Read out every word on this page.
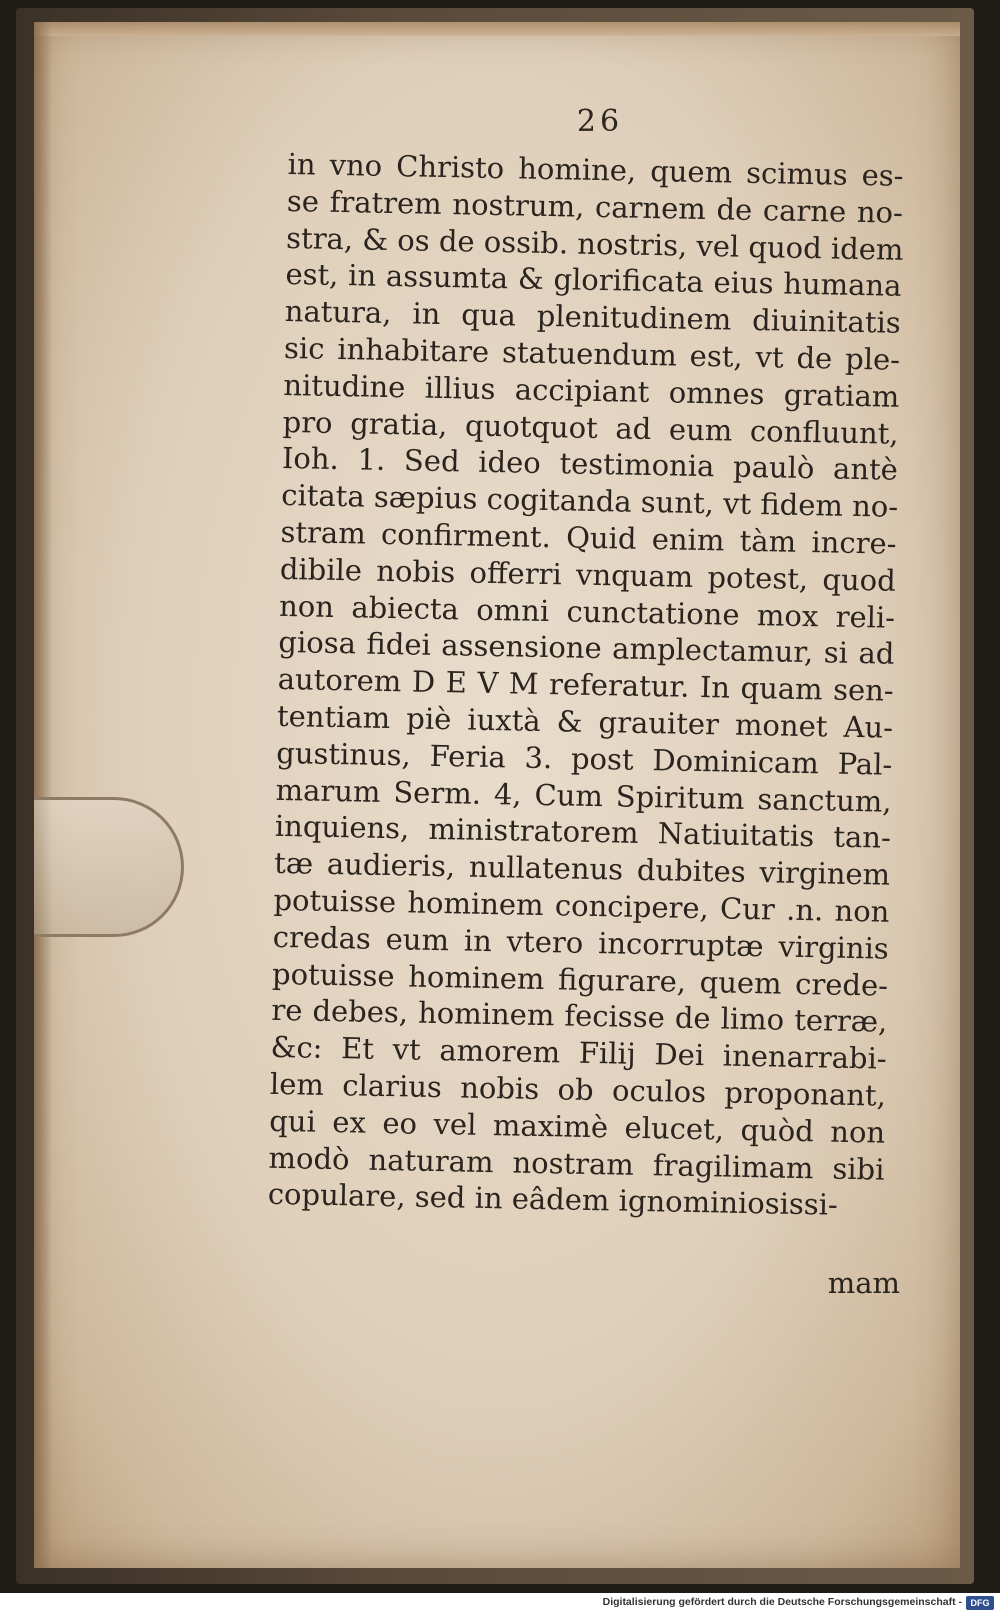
26
in vno Christo homine, quem scimus es-
se fratrem nostrum, carnem de carne no-
stra, & os de ossib. nostris, vel quod idem
est, in assumta & glorificata eius humana
natura, in qua plenitudinem diuinitatis
sic inhabitare statuendum est, vt de ple-
nitudine illius accipiant omnes gratiam
pro gratia, quotquot ad eum confluunt,
Ioh. 1. Sed ideo testimonia paulò antè
citata sæpius cogitanda sunt, vt fidem no-
stram confirment. Quid enim tàm incre-
dibile nobis offerri vnquam potest, quod
non abiecta omni cunctatione mox reli-
giosa fidei assensione amplectamur, si ad
autorem D E V M referatur. In quam sen-
tentiam piè iuxtà & grauiter monet Au-
gustinus, Feria 3. post Dominicam Pal-
marum Serm. 4, Cum Spiritum sanctum,
inquiens, ministratorem Natiuitatis tan-
tæ audieris, nullatenus dubites virginem
potuisse hominem concipere, Cur .n. non
credas eum in vtero incorruptæ virginis
potuisse hominem figurare, quem crede-
re debes, hominem fecisse de limo terræ,
&c: Et vt amorem Filij Dei inenarrabi-
lem clarius nobis ob oculos proponant,
qui ex eo vel maximè elucet, quòd non
modò naturam nostram fragilimam sibi
copulare, sed in eâdem ignominiosissi-
mam
Digitalisierung gefördert durch die Deutsche Forschungsgemeinschaft - DFG
